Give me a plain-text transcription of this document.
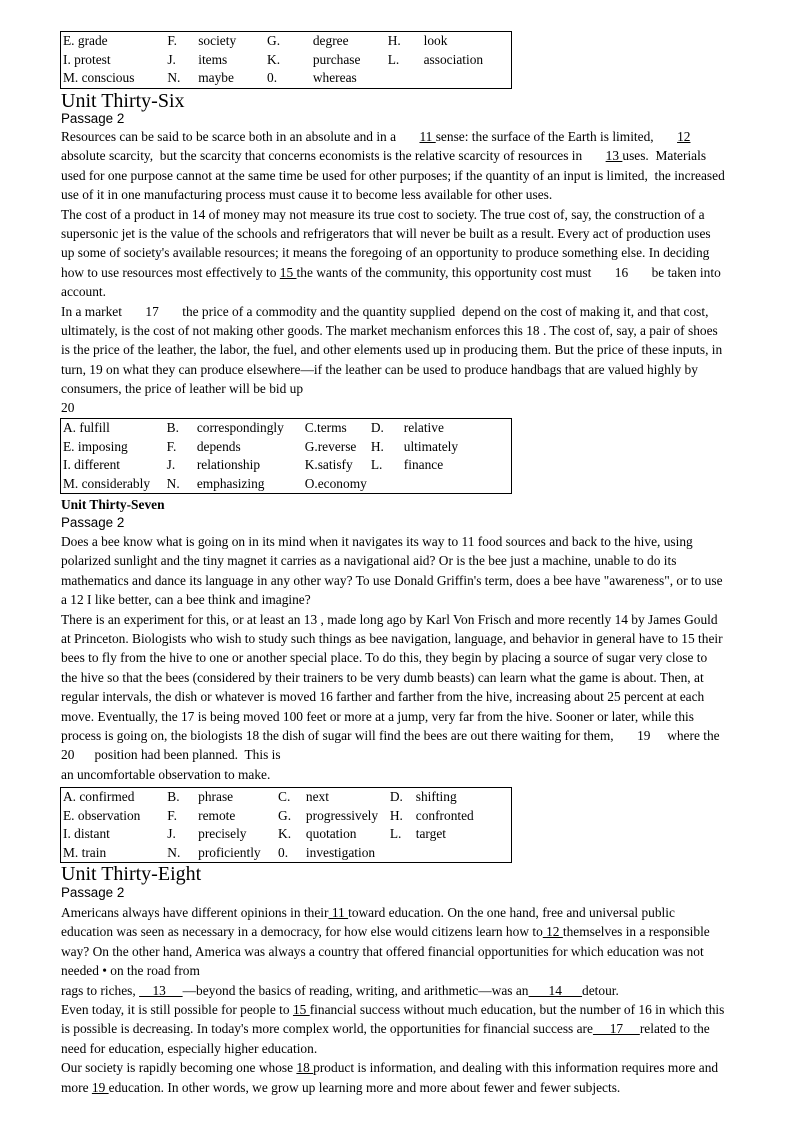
E. grade	F.	society	G.	degree	H.	look
I. protest	J.	items	K.	purchase	L.	association
M. conscious	N.	maybe	0.	whereas		
Unit Thirty-Six
Passage 2
Resources can be said to be scarce both in an absolute and in a       11 sense: the surface of the Earth is limited,       12
absolute scarcity,  but the scarcity that concerns economists is the relative scarcity of resources in       13 uses.  Materials
used for one purpose cannot at the same time be used for other purposes; if the quantity of an input is limited,  the increased
use of it in one manufacturing process must cause it to become less available for other uses.
The cost of a product in 14 of money may not measure its true cost to society. The true cost of, say, the construction of a
supersonic jet is the value of the schools and refrigerators that will never be built as a result. Every act of production uses
up some of society's available resources; it means the foregoing of an opportunity to produce something else. In deciding
how to use resources most effectively to 15 the wants of the community, this opportunity cost must       16       be taken into
account.
In a market       17       the price of a commodity and the quantity supplied  depend on the cost of making it, and that cost,
ultimately, is the cost of not making other goods. The market mechanism enforces this 18 . The cost of, say, a pair of shoes
is the price of the leather, the labor, the fuel, and other elements used up in producing them. But the price of these inputs, in
turn, 19 on what they can produce elsewhere—if the leather can be used to produce handbags that are valued highly by
consumers, the price of leather will be bid up
20
A. fulfill	B.	correspondingly	C.terms	D.	relative
E. imposing	F.	depends	G.reverse	H.	ultimately
I. different	J.	relationship	K.satisfy	L.	finance
M. considerably	N.	emphasizing	O.economy		
Unit Thirty-Seven
Passage 2
Does a bee know what is going on in its mind when it navigates its way to 11 food sources and back to the hive, using
polarized sunlight and the tiny magnet it carries as a navigational aid? Or is the bee just a machine, unable to do its
mathematics and dance its language in any other way? To use Donald Griffin's term, does a bee have "awareness", or to use
a 12 I like better, can a bee think and imagine?
There is an experiment for this, or at least an 13 , made long ago by Karl Von Frisch and more recently 14 by James Gould
at Princeton. Biologists who wish to study such things as bee navigation, language, and behavior in general have to 15 their
bees to fly from the hive to one or another special place. To do this, they begin by placing a source of sugar very close to
the hive so that the bees (considered by their trainers to be very dumb beasts) can learn what the game is about. Then, at
regular intervals, the dish or whatever is moved 16 farther and farther from the hive, increasing about 25 percent at each
move. Eventually, the 17 is being moved 100 feet or more at a jump, very far from the hive. Sooner or later, while this
process is going on, the biologists 18 the dish of sugar will find the bees are out there waiting for them,       19     where the
20      position had been planned.  This is
an uncomfortable observation to make.
A. confirmed	B.	phrase	C.	next	D.	shifting
E. observation	F.	remote	G.	progressively	H.	confronted
I. distant	J.	precisely	K.	quotation	L.	target
M. train	N.	proficiently	0.	investigation		
Unit Thirty-Eight
Passage 2
Americans always have different opinions in their 11 toward education. On the one hand, free and universal public
education was seen as necessary in a democracy, for how else would citizens learn how to 12 themselves in a responsible
way? On the other hand, America was always a country that offered financial opportunities for which education was not
needed • on the road from
rags to riches,     13     —beyond the basics of reading, writing, and arithmetic—was an      14      detour.
Even today, it is still possible for people to 15 financial success without much education, but the number of 16 in which this
is possible is decreasing. In today's more complex world, the opportunities for financial success are     17     related to the
need for education, especially higher education.
Our society is rapidly becoming one whose 18 product is information, and dealing with this information requires more and
more 19 education. In other words, we grow up learning more and more about fewer and fewer subjects.
